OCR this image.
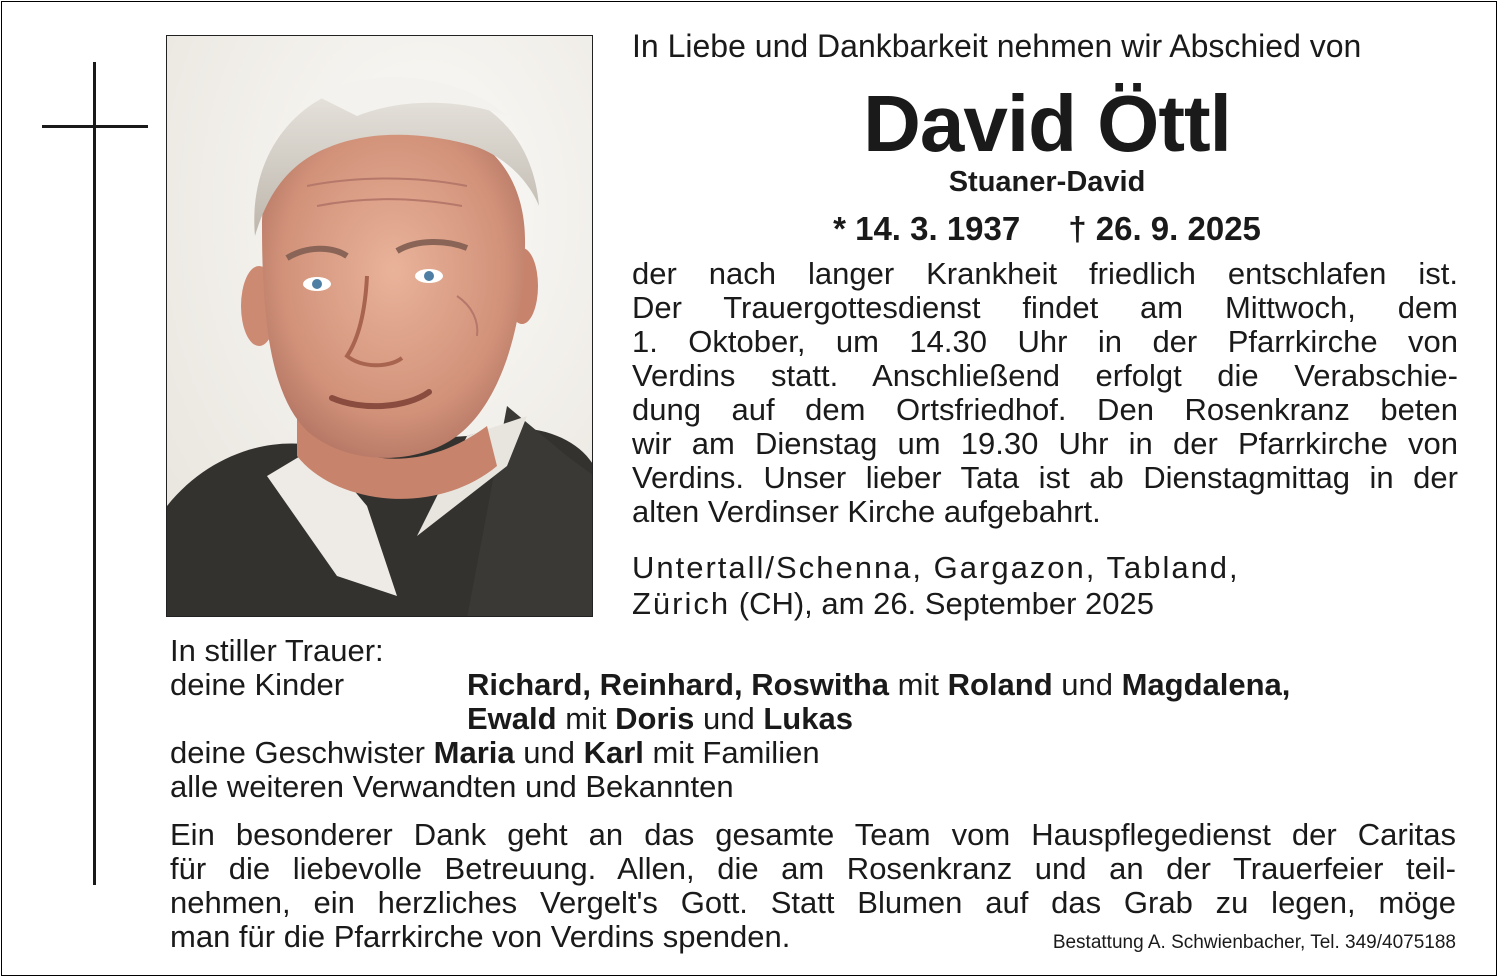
In Liebe und Dankbarkeit nehmen wir Abschied von
David Öttl
Stuaner-David
* 14. 3. 1937 † 26. 9. 2025
der nach langer Krankheit friedlich entschlafen ist.
Der Trauergottesdienst findet am Mittwoch, dem
1. Oktober, um 14.30 Uhr in der Pfarrkirche von
Verdins statt. Anschließend erfolgt die Verabschie-
dung auf dem Ortsfriedhof. Den Rosenkranz beten
wir am Dienstag um 19.30 Uhr in der Pfarrkirche von
Verdins. Unser lieber Tata ist ab Dienstagmittag in der
alten Verdinser Kirche aufgebahrt.
Untertall/Schenna, Gargazon, Tabland,
Zürich (CH), am 26. September 2025
In stiller Trauer:
deine Kinder	Richard, Reinhard, Roswitha mit Roland und Magdalena,
Ewald mit Doris und Lukas
deine Geschwister Maria und Karl mit Familien
alle weiteren Verwandten und Bekannten
Ein besonderer Dank geht an das gesamte Team vom Hauspflegedienst der Caritas
für die liebevolle Betreuung. Allen, die am Rosenkranz und an der Trauerfeier teil-
nehmen, ein herzliches Vergelt's Gott. Statt Blumen auf das Grab zu legen, möge
man für die Pfarrkirche von Verdins spenden.	Bestattung A. Schwienbacher, Tel. 349/4075188
